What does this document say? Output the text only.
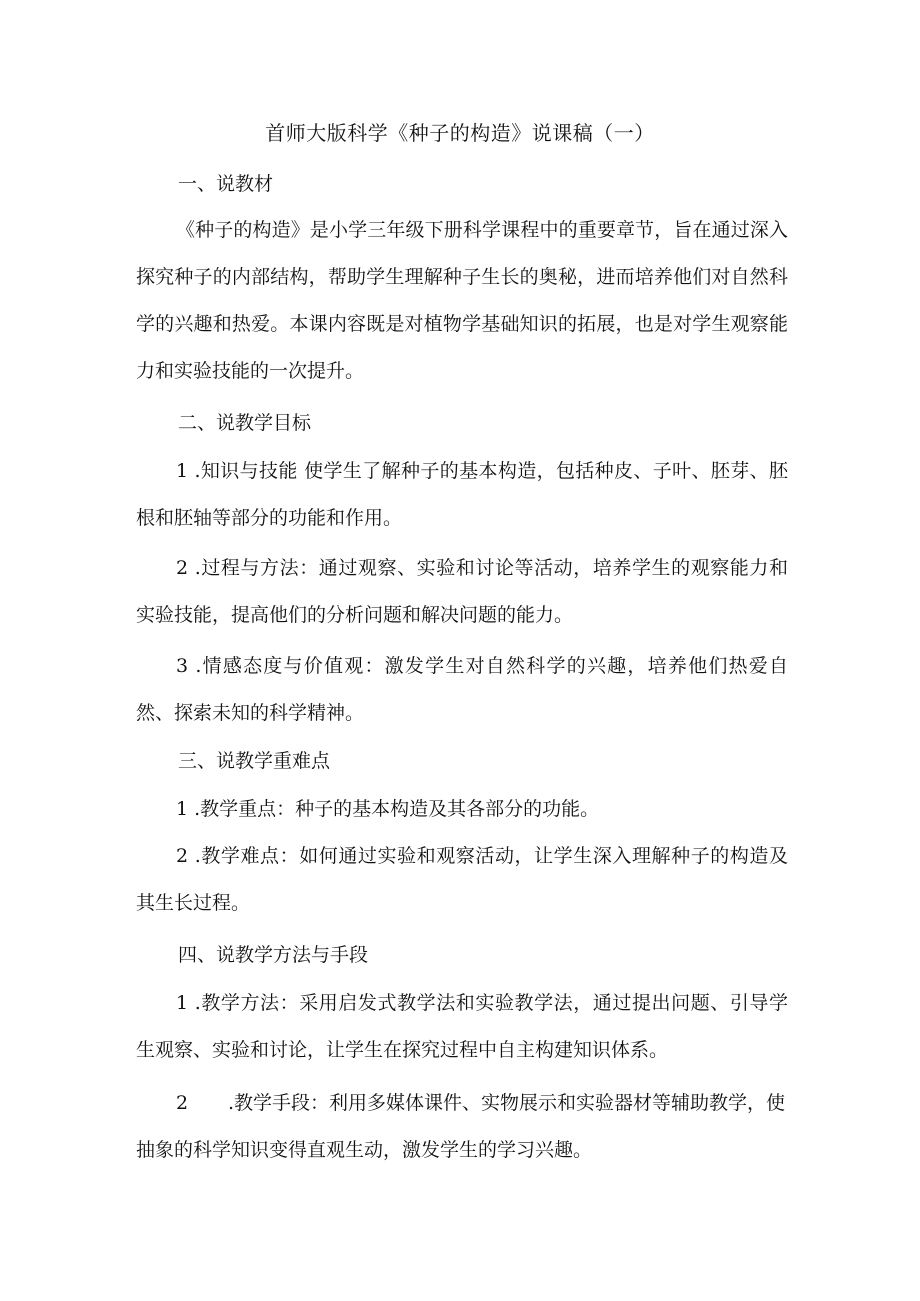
首师大版科学《种子的构造》说课稿（一）
一、说教材
《种子的构造》是小学三年级下册科学课程中的重要章节，旨在通过深入探究种子的内部结构，帮助学生理解种子生长的奥秘，进而培养他们对自然科学的兴趣和热爱。本课内容既是对植物学基础知识的拓展，也是对学生观察能力和实验技能的一次提升。
二、说教学目标
1 .知识与技能 使学生了解种子的基本构造，包括种皮、子叶、胚芽、胚根和胚轴等部分的功能和作用。
2 .过程与方法：通过观察、实验和讨论等活动，培养学生的观察能力和实验技能，提高他们的分析问题和解决问题的能力。
3 .情感态度与价值观：激发学生对自然科学的兴趣，培养他们热爱自然、探索未知的科学精神。
三、说教学重难点
1 .教学重点：种子的基本构造及其各部分的功能。
2 .教学难点：如何通过实验和观察活动，让学生深入理解种子的构造及其生长过程。
四、说教学方法与手段
1 .教学方法：采用启发式教学法和实验教学法，通过提出问题、引导学生观察、实验和讨论，让学生在探究过程中自主构建知识体系。
2 .教学手段：利用多媒体课件、实物展示和实验器材等辅助教学，使抽象的科学知识变得直观生动，激发学生的学习兴趣。
